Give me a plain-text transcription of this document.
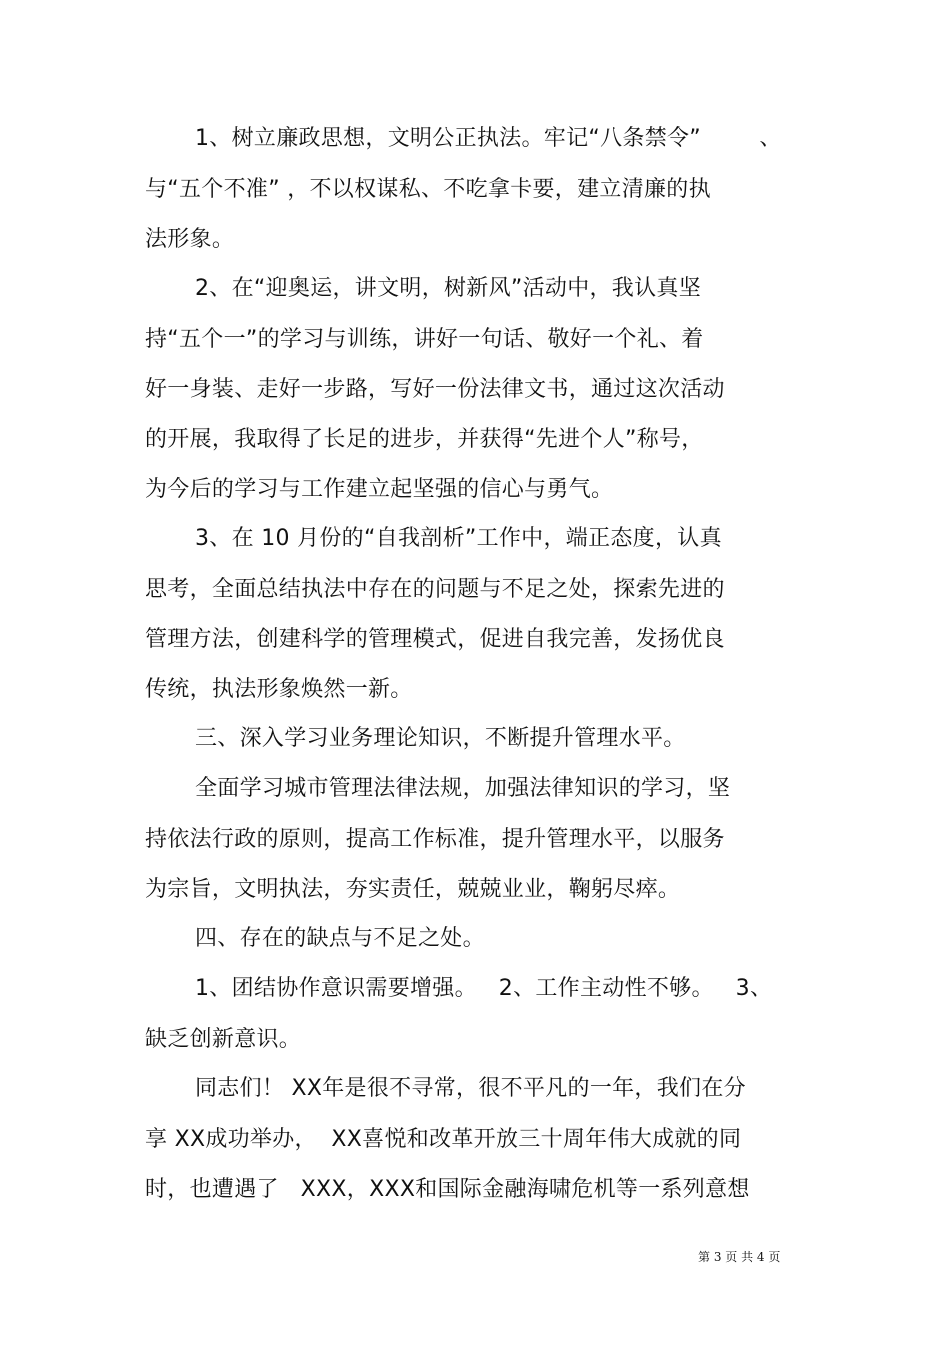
1、树立廉政思想，文明公正执法。牢记“八条禁令”        、
与“五个不准” ，不以权谋私、不吃拿卡要，建立清廉的执
法形象。
2、在“迎奥运，讲文明，树新风”活动中，我认真坚
持“五个一”的学习与训练，讲好一句话、敬好一个礼、着
好一身装、走好一步路，写好一份法律文书，通过这次活动
的开展，我取得了长足的进步，并获得“先进个人”称号，
为今后的学习与工作建立起坚强的信心与勇气。
3、在 10 月份的“自我剖析”工作中，端正态度，认真
思考，全面总结执法中存在的问题与不足之处，探索先进的
管理方法，创建科学的管理模式，促进自我完善，发扬优良
传统，执法形象焕然一新。
三、深入学习业务理论知识，不断提升管理水平。
全面学习城市管理法律法规，加强法律知识的学习，坚
持依法行政的原则，提高工作标准，提升管理水平，以服务
为宗旨，文明执法，夯实责任，兢兢业业，鞠躬尽瘁。
四、存在的缺点与不足之处。
1、团结协作意识需要增强。   2、工作主动性不够。   3、
缺乏创新意识。
同志们！ XX年是很不寻常，很不平凡的一年，我们在分
享 XX成功举办，  XX喜悦和改革开放三十周年伟大成就的同
时，也遭遇了   XXX，XXX和国际金融海啸危机等一系列意想
第 3 页 共 4 页
